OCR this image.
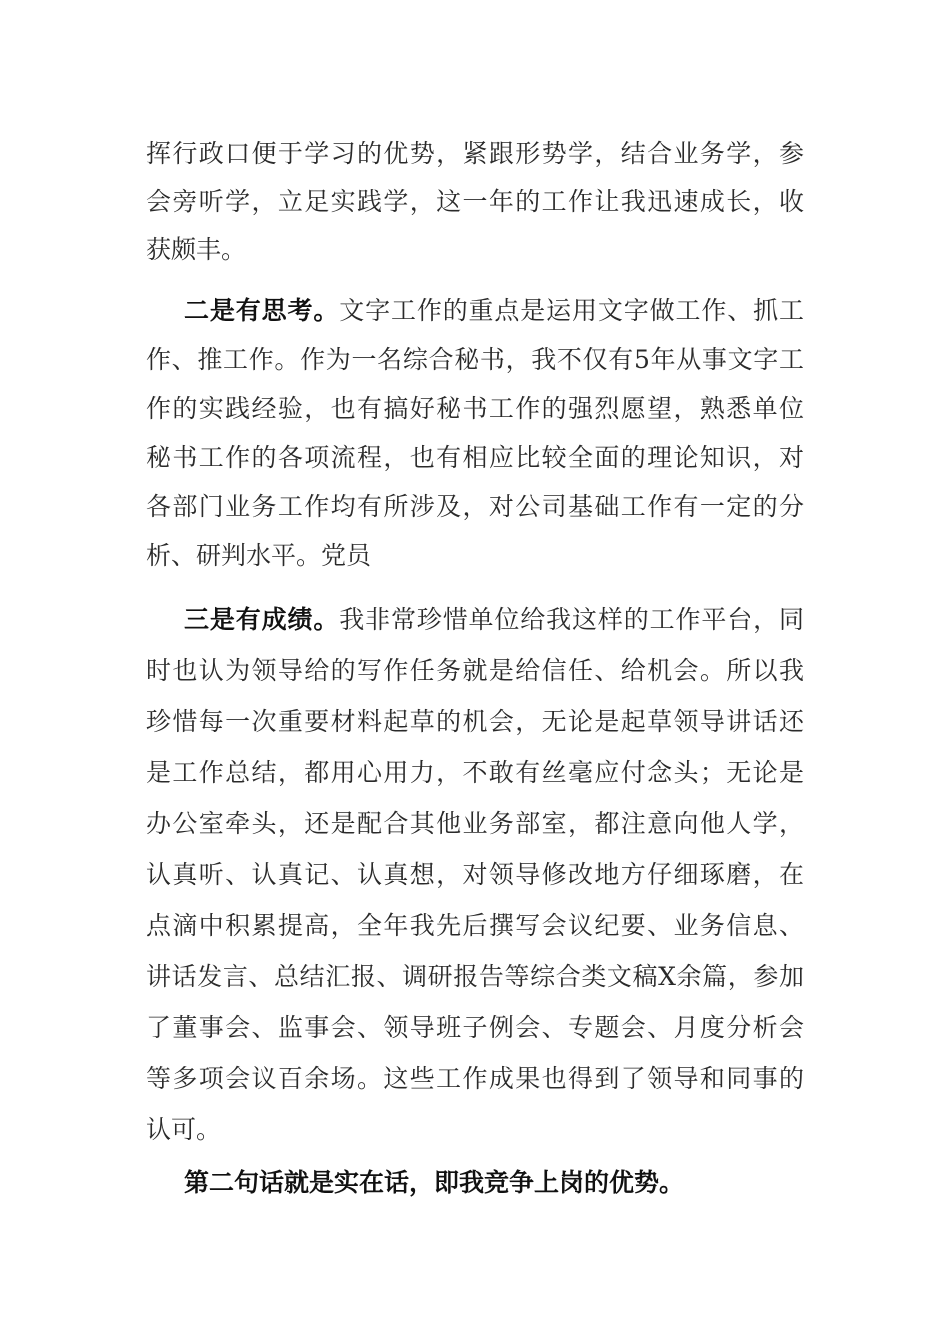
挥行政口便于学习的优势，紧跟形势学，结合业务学，参
会旁听学，立足实践学，这一年的工作让我迅速成长，收
获颇丰。
二是有思考。文字工作的重点是运用文字做工作、抓工
作、推工作。作为一名综合秘书，我不仅有5年从事文字工
作的实践经验，也有搞好秘书工作的强烈愿望，熟悉单位
秘书工作的各项流程，也有相应比较全面的理论知识，对
各部门业务工作均有所涉及，对公司基础工作有一定的分
析、研判水平。党员
三是有成绩。我非常珍惜单位给我这样的工作平台，同
时也认为领导给的写作任务就是给信任、给机会。所以我
珍惜每一次重要材料起草的机会，无论是起草领导讲话还
是工作总结，都用心用力，不敢有丝毫应付念头；无论是
办公室牵头，还是配合其他业务部室，都注意向他人学，
认真听、认真记、认真想，对领导修改地方仔细琢磨，在
点滴中积累提高，全年我先后撰写会议纪要、业务信息、
讲话发言、总结汇报、调研报告等综合类文稿X余篇，参加
了董事会、监事会、领导班子例会、专题会、月度分析会
等多项会议百余场。这些工作成果也得到了领导和同事的
认可。
第二句话就是实在话，即我竞争上岗的优势。
